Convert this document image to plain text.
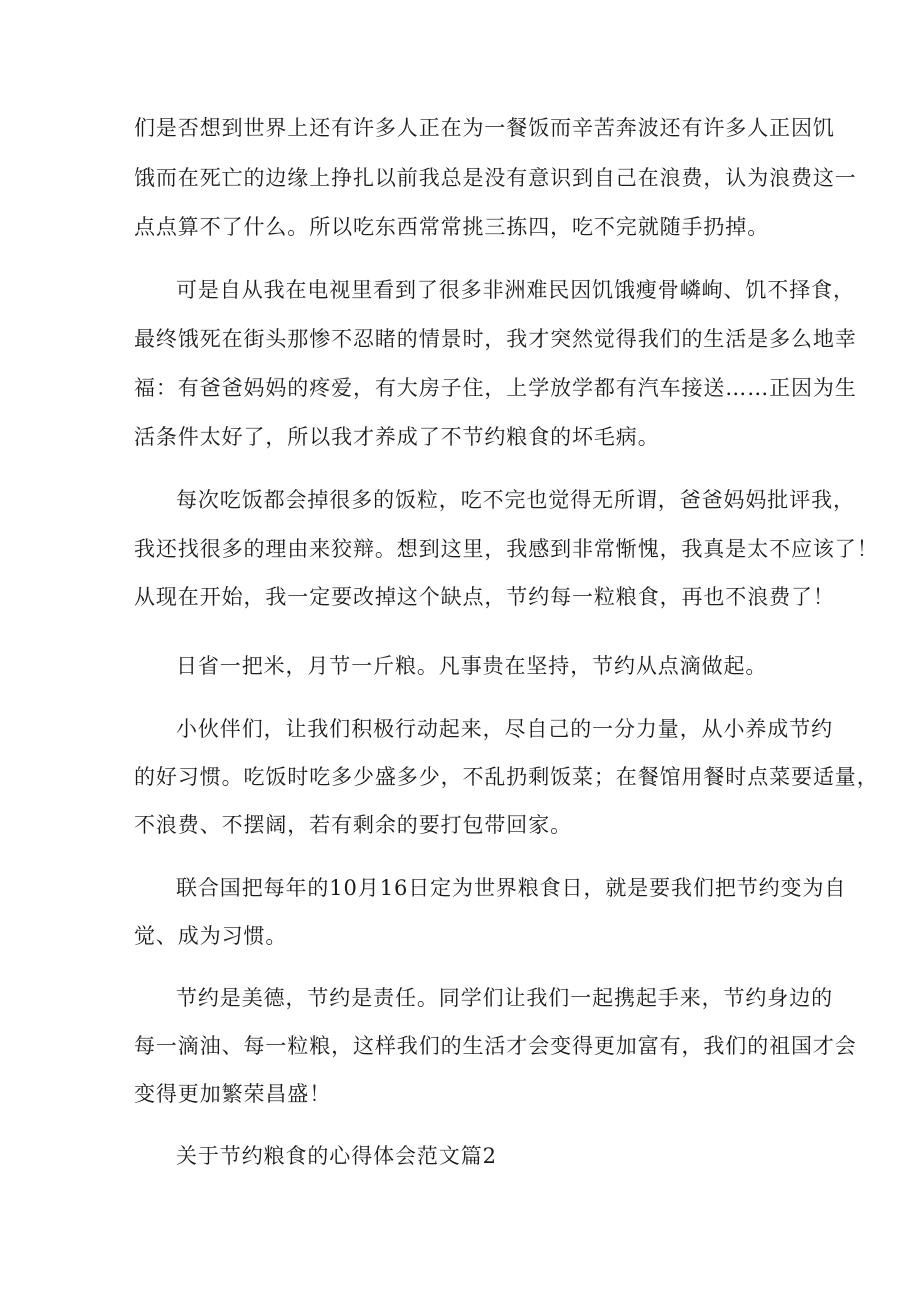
们是否想到世界上还有许多人正在为一餐饭而辛苦奔波还有许多人正因饥
饿而在死亡的边缘上挣扎以前我总是没有意识到自己在浪费，认为浪费这一
点点算不了什么。所以吃东西常常挑三拣四，吃不完就随手扔掉。
可是自从我在电视里看到了很多非洲难民因饥饿瘦骨嶙峋、饥不择食，
最终饿死在街头那惨不忍睹的情景时，我才突然觉得我们的生活是多么地幸
福：有爸爸妈妈的疼爱，有大房子住，上学放学都有汽车接送……正因为生
活条件太好了，所以我才养成了不节约粮食的坏毛病。
每次吃饭都会掉很多的饭粒，吃不完也觉得无所谓，爸爸妈妈批评我，
我还找很多的理由来狡辩。想到这里，我感到非常惭愧，我真是太不应该了！
从现在开始，我一定要改掉这个缺点，节约每一粒粮食，再也不浪费了！
日省一把米，月节一斤粮。凡事贵在坚持，节约从点滴做起。
小伙伴们，让我们积极行动起来，尽自己的一分力量，从小养成节约
的好习惯。吃饭时吃多少盛多少，不乱扔剩饭菜；在餐馆用餐时点菜要适量，
不浪费、不摆阔，若有剩余的要打包带回家。
联合国把每年的10月16日定为世界粮食日，就是要我们把节约变为自
觉、成为习惯。
节约是美德，节约是责任。同学们让我们一起携起手来，节约身边的
每一滴油、每一粒粮，这样我们的生活才会变得更加富有，我们的祖国才会
变得更加繁荣昌盛！
关于节约粮食的心得体会范文篇2
